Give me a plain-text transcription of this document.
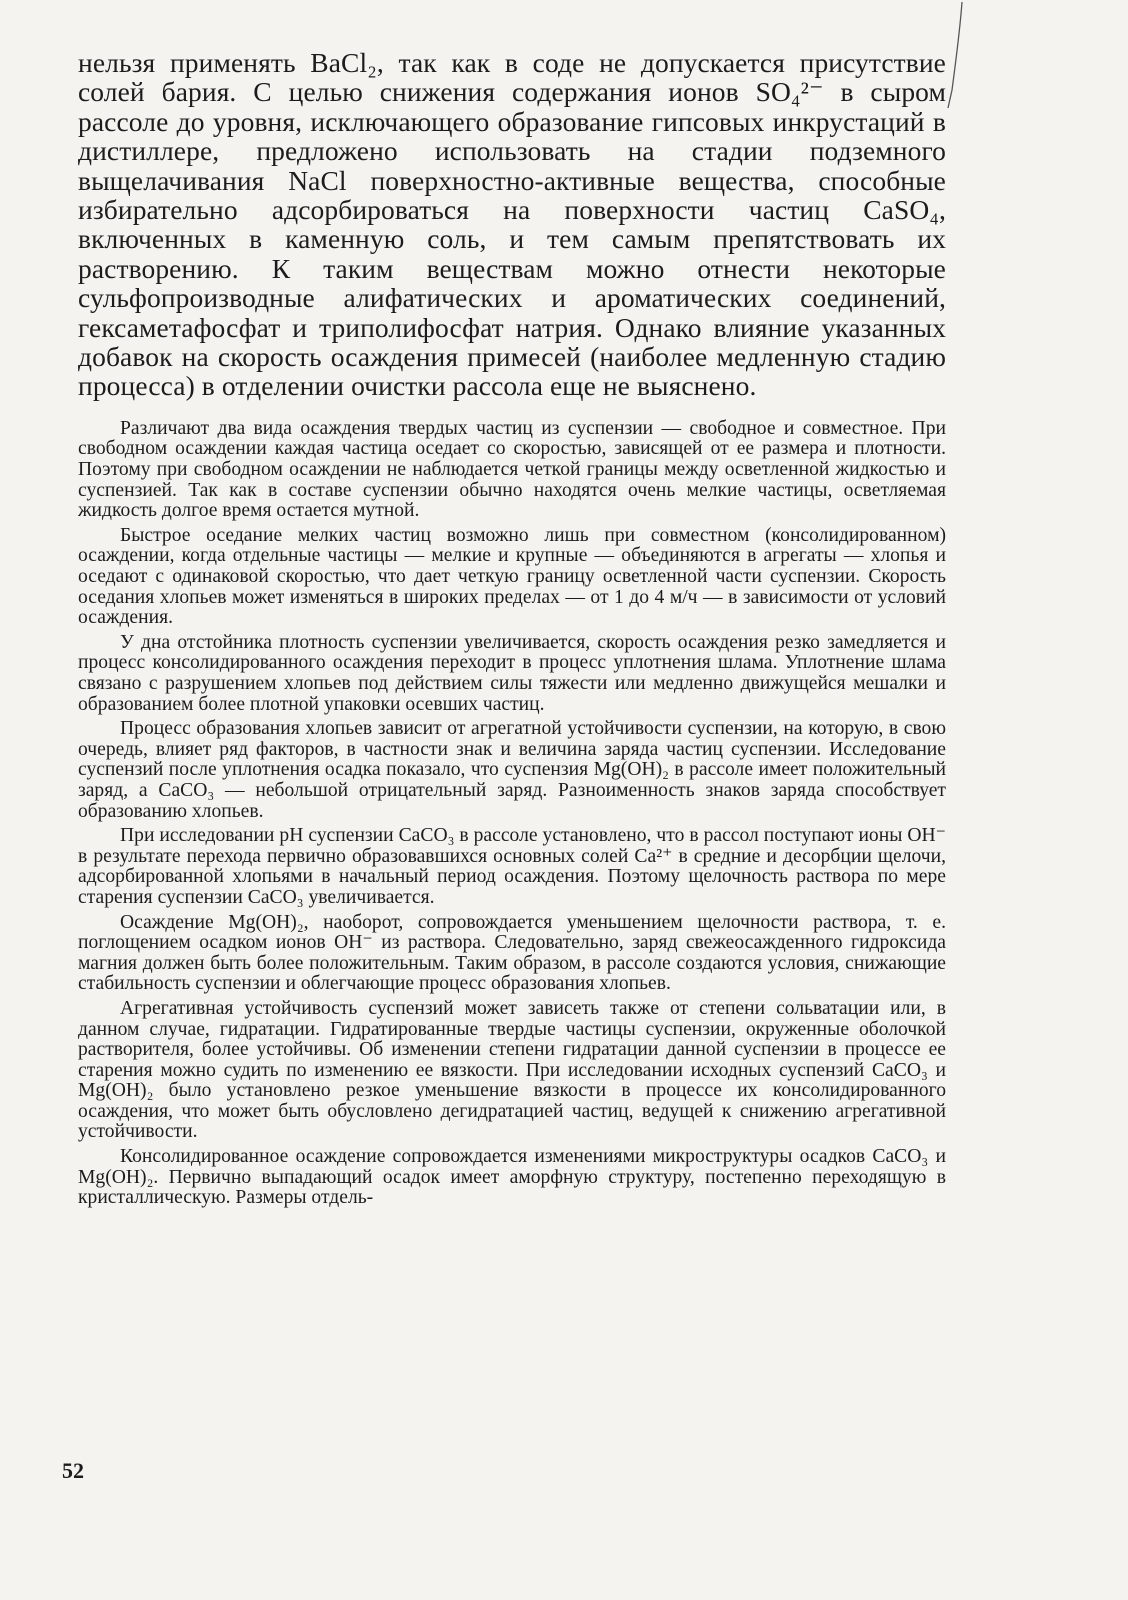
нельзя применять BaCl₂, так как в соде не допускается присутствие солей бария. С целью снижения содержания ионов SO₄²⁻ в сыром рассоле до уровня, исключающего образование гипсовых инкрустаций в дистиллере, предложено использовать на стадии подземного выщелачивания NaCl поверхностно-активные вещества, способные избирательно адсорбироваться на поверхности частиц CaSO₄, включенных в каменную соль, и тем самым препятствовать их растворению. К таким веществам можно отнести некоторые сульфопроизводные алифатических и ароматических соединений, гексаметафосфат и триполифосфат натрия. Однако влияние указанных добавок на скорость осаждения примесей (наиболее медленную стадию процесса) в отделении очистки рассола еще не выяснено.

Различают два вида осаждения твердых частиц из суспензии — свободное и совместное. При свободном осаждении каждая частица оседает со скоростью, зависящей от ее размера и плотности. Поэтому при свободном осаждении не наблюдается четкой границы между осветленной жидкостью и суспензией. Так как в составе суспензии обычно находятся очень мелкие частицы, осветляемая жидкость долгое время остается мутной.

Быстрое оседание мелких частиц возможно лишь при совместном (консолидированном) осаждении, когда отдельные частицы — мелкие и крупные — объединяются в агрегаты — хлопья и оседают с одинаковой скоростью, что дает четкую границу осветленной части суспензии. Скорость оседания хлопьев может изменяться в широких пределах — от 1 до 4 м/ч — в зависимости от условий осаждения.

У дна отстойника плотность суспензии увеличивается, скорость осаждения резко замедляется и процесс консолидированного осаждения переходит в процесс уплотнения шлама. Уплотнение шлама связано с разрушением хлопьев под действием силы тяжести или медленно движущейся мешалки и образованием более плотной упаковки осевших частиц.

Процесс образования хлопьев зависит от агрегатной устойчивости суспензии, на которую, в свою очередь, влияет ряд факторов, в частности знак и величина заряда частиц суспензии. Исследование суспензий после уплотнения осадка показало, что суспензия Mg(OH)₂ в рассоле имеет положительный заряд, а CaCO₃ — небольшой отрицательный заряд. Разноименность знаков заряда способствует образованию хлопьев.

При исследовании pH суспензии CaCO₃ в рассоле установлено, что в рассол поступают ионы OH⁻ в результате перехода первично образовавшихся основных солей Ca²⁺ в средние и десорбции щелочи, адсорбированной хлопьями в начальный период осаждения. Поэтому щелочность раствора по мере старения суспензии CaCO₃ увеличивается.

Осаждение Mg(OH)₂, наоборот, сопровождается уменьшением щелочности раствора, т. е. поглощением осадком ионов OH⁻ из раствора. Следовательно, заряд свежеосажденного гидроксида магния должен быть более положительным. Таким образом, в рассоле создаются условия, снижающие стабильность суспензии и облегчающие процесс образования хлопьев.

Агрегативная устойчивость суспензий может зависеть также от степени сольватации или, в данном случае, гидратации. Гидратированные твердые частицы суспензии, окруженные оболочкой растворителя, более устойчивы. Об изменении степени гидратации данной суспензии в процессе ее старения можно судить по изменению ее вязкости. При исследовании исходных суспензий CaCO₃ и Mg(OH)₂ было установлено резкое уменьшение вязкости в процессе их консолидированного осаждения, что может быть обусловлено дегидратацией частиц, ведущей к снижению агрегативной устойчивости.

Консолидированное осаждение сопровождается изменениями микроструктуры осадков CaCO₃ и Mg(OH)₂. Первично выпадающий осадок имеет аморфную структуру, постепенно переходящую в кристаллическую. Размеры отдель-

52
